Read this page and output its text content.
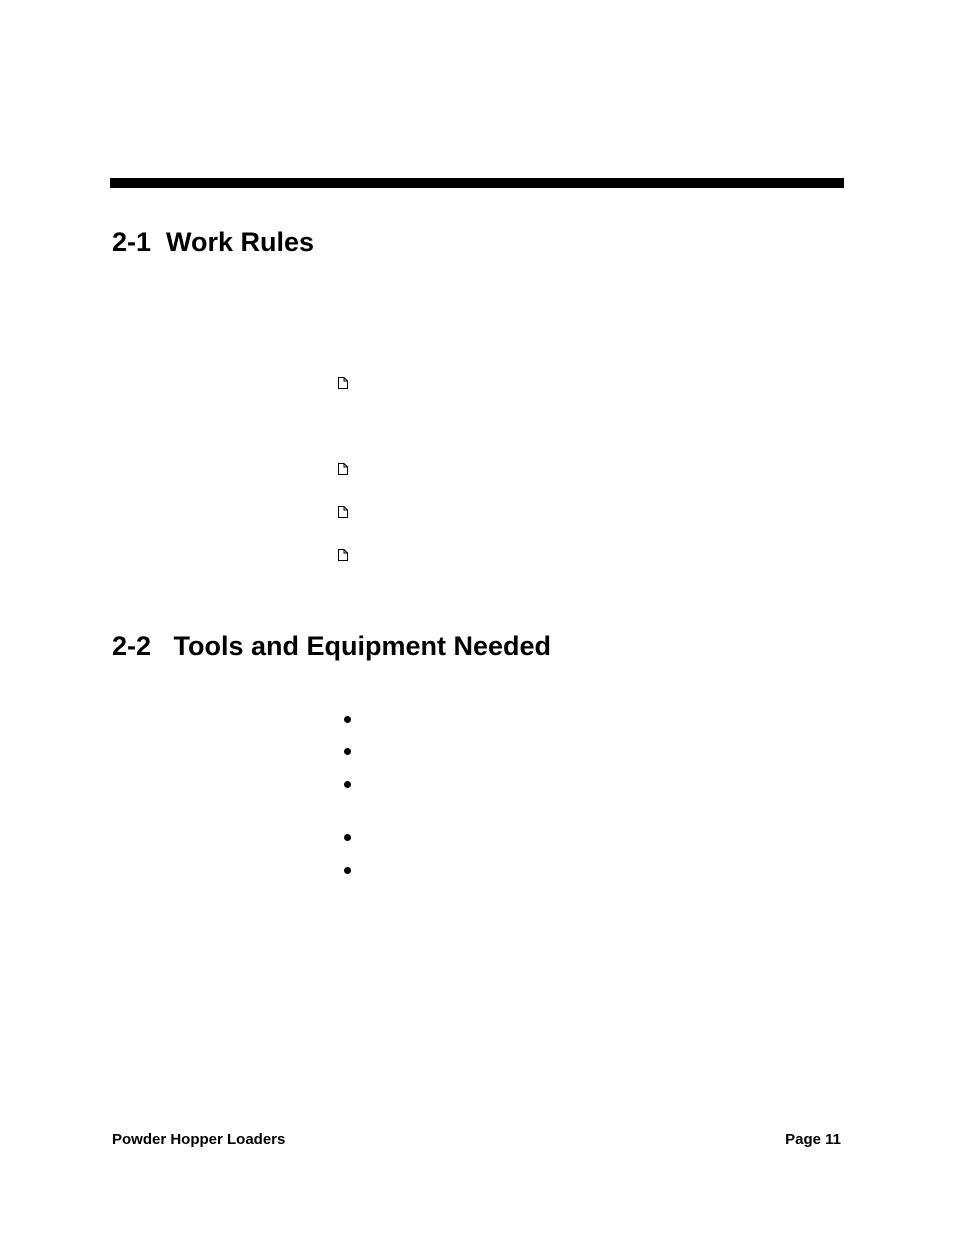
2-1  Work Rules
2-2   Tools and Equipment Needed
Powder Hopper Loaders	Page 11
